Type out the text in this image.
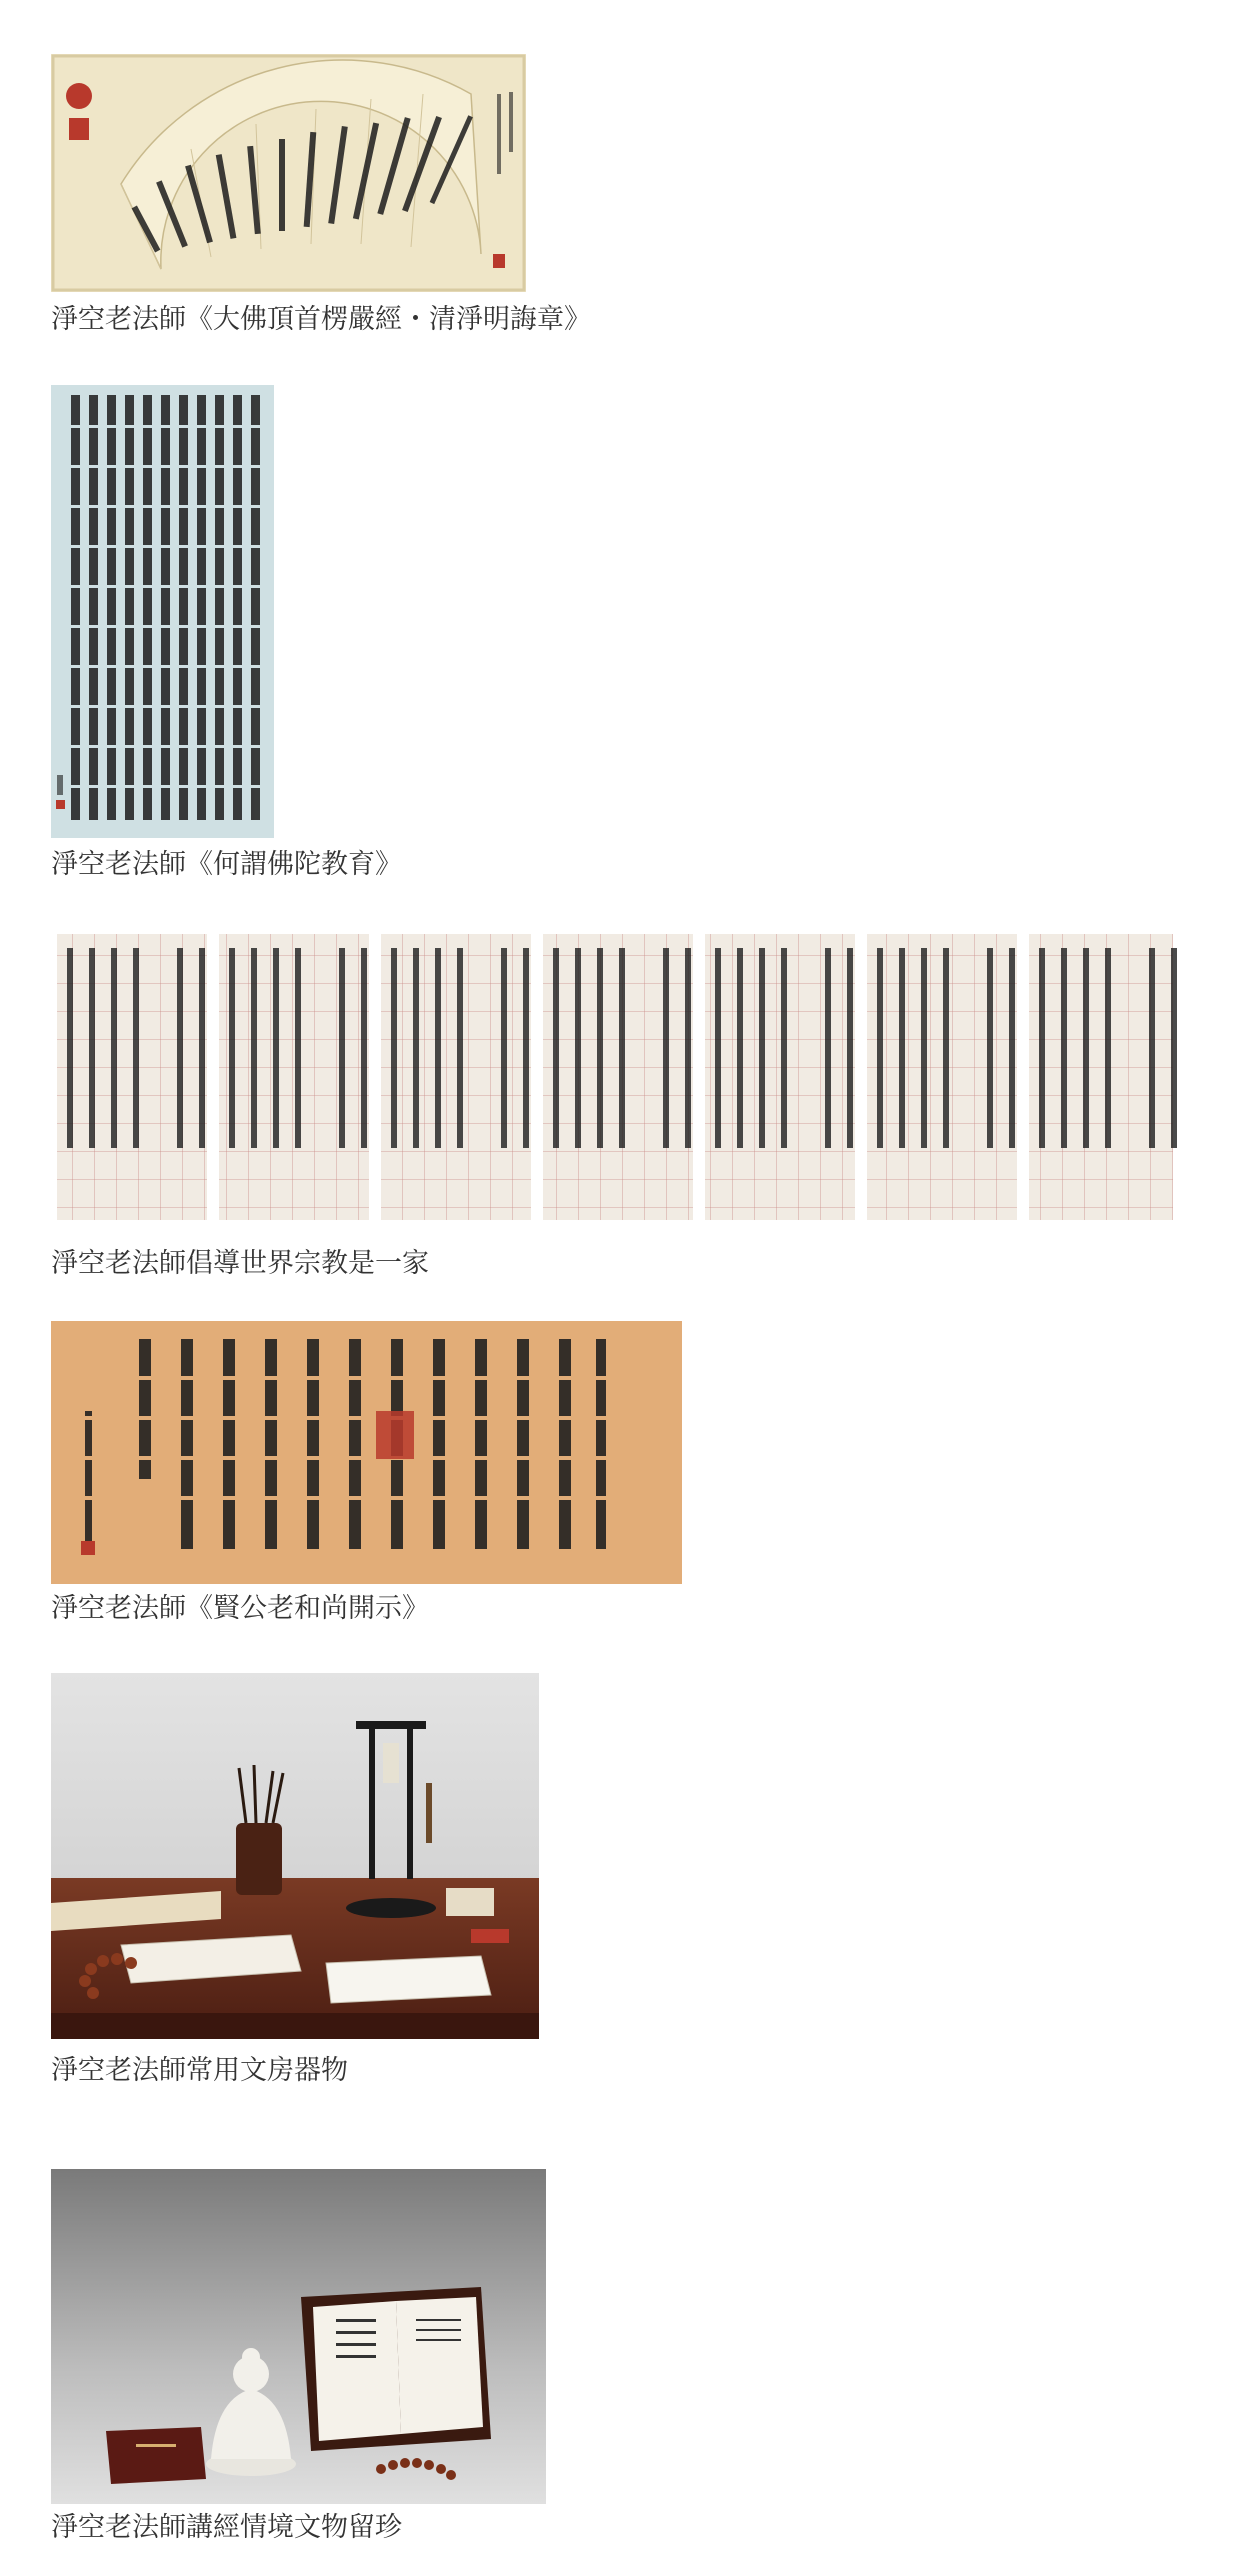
淨空老法師《大佛頂首楞嚴經・清淨明誨章》
淨空老法師《何謂佛陀教育》
淨空老法師倡導世界宗教是一家
淨空老法師《賢公老和尚開示》
淨空老法師常用文房器物
淨空老法師講經情境文物留珍
